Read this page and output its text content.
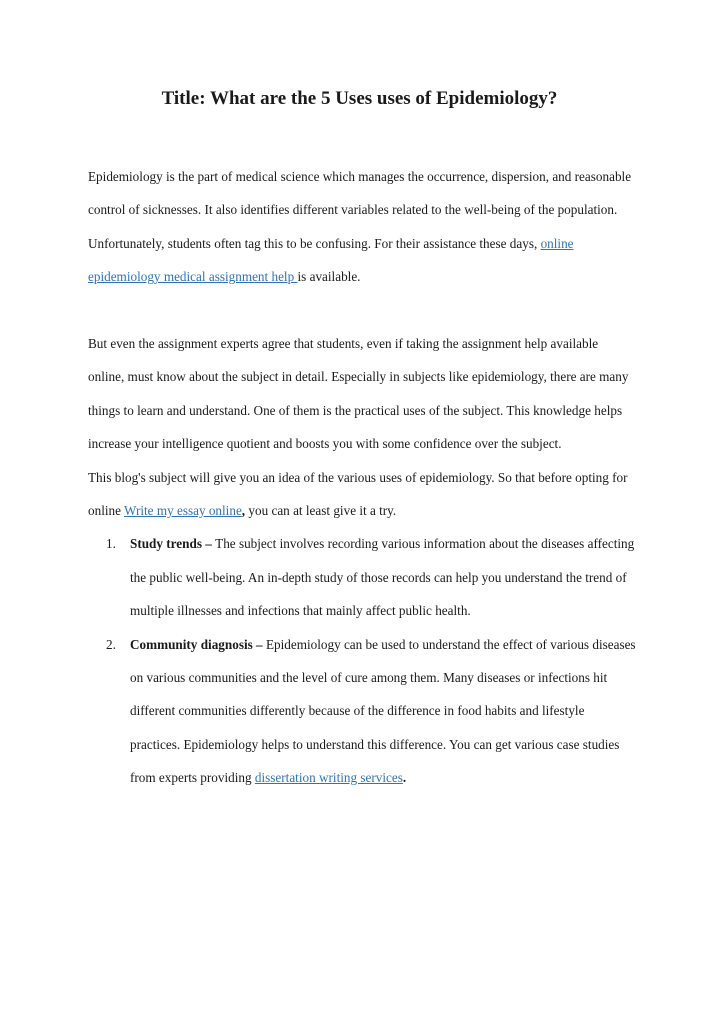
Title: What are the 5 Uses uses of Epidemiology?

Epidemiology is the part of medical science which manages the occurrence, dispersion, and reasonable control of sicknesses. It also identifies different variables related to the well-being of the population. Unfortunately, students often tag this to be confusing. For their assistance these days, online epidemiology medical assignment help is available.

But even the assignment experts agree that students, even if taking the assignment help available online, must know about the subject in detail. Especially in subjects like epidemiology, there are many things to learn and understand. One of them is the practical uses of the subject. This knowledge helps increase your intelligence quotient and boosts you with some confidence over the subject.

This blog's subject will give you an idea of the various uses of epidemiology. So that before opting for online Write my essay online, you can at least give it a try.

1. Study trends – The subject involves recording various information about the diseases affecting the public well-being. An in-depth study of those records can help you understand the trend of multiple illnesses and infections that mainly affect public health.
2. Community diagnosis – Epidemiology can be used to understand the effect of various diseases on various communities and the level of cure among them. Many diseases or infections hit different communities differently because of the difference in food habits and lifestyle practices. Epidemiology helps to understand this difference. You can get various case studies from experts providing dissertation writing services.
